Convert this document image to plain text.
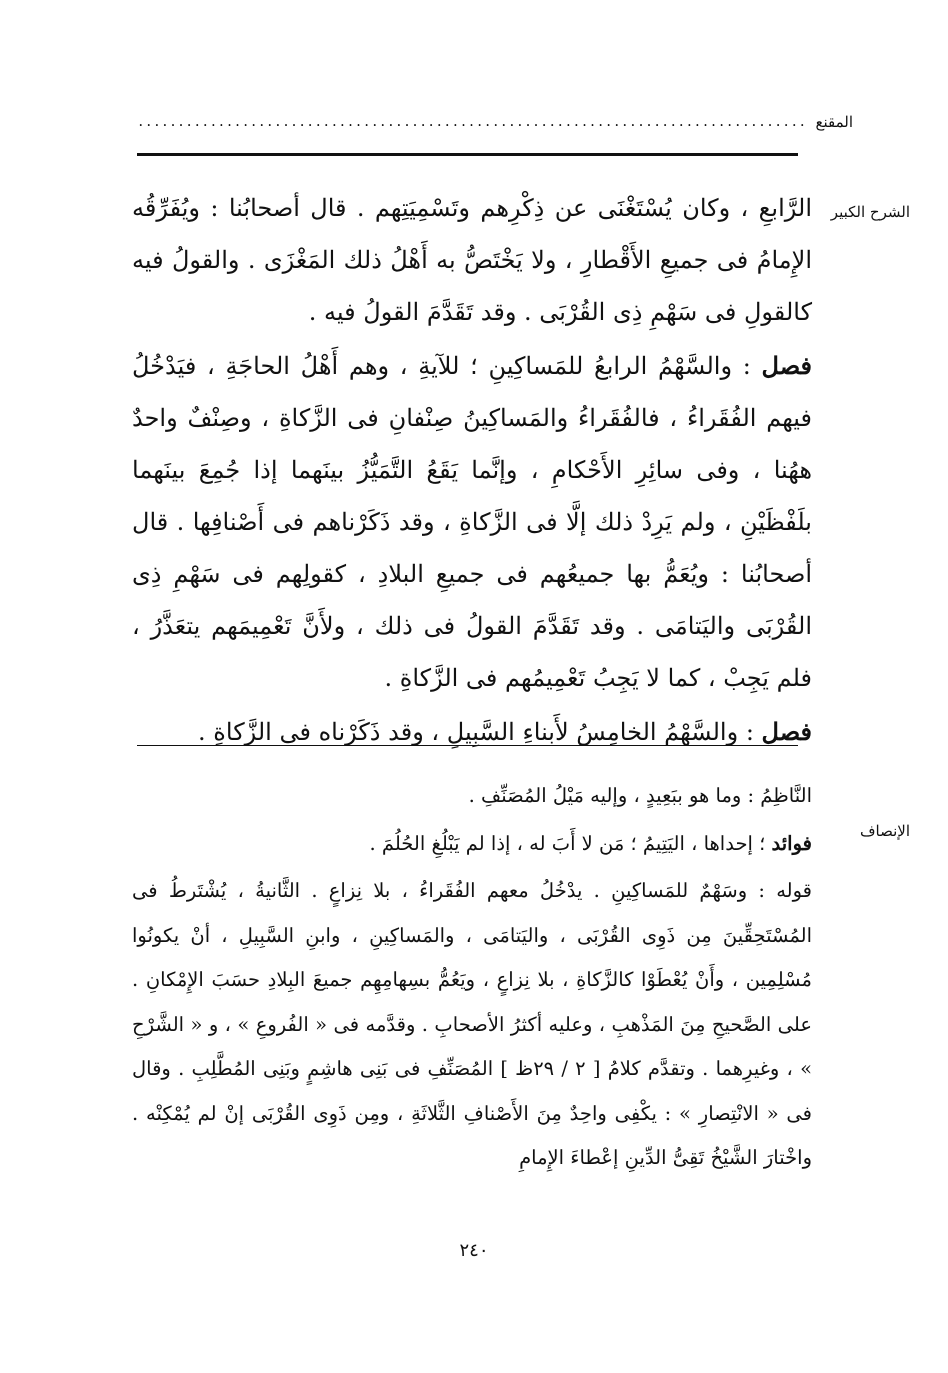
المقنع
...................................................................................
الشرح الكبير

الرَّابعِ ، وكان يُسْتَغْنَى عن ذِكْرِهم وتَسْمِيَتِهم . قال أصحابُنا : ويُفَرِّقُه الإِمامُ فى جميعِ الأَقْطارِ ، ولا يَخْتَصُّ به أَهْلُ ذلك المَغْزَى . والقولُ فيه كالقولِ فى سَهْمِ ذِى القُرْبَى . وقد تَقَدَّمَ القولُ فيه .

فصل : والسَّهْمُ الرابعُ للمَساكِينِ ؛ للآيةِ ، وهم أَهْلُ الحاجَةِ ، فيَدْخُلُ فيهم الفُقَراءُ ، فالفُقَراءُ والمَساكِينُ صِنْفانِ فى الزَّكاةِ ، وصِنْفٌ واحدٌ ههُنا ، وفى سائِرِ الأَحْكامِ ، وإنَّما يَقَعُ التَّمَيُّزُ بينَهما إذا جُمِعَ بينَهما بلَفْظَيْنِ ، ولم يَرِدْ ذلك إلَّا فى الزَّكاةِ ، وقد ذَكَرْناهم فى أَصْنافِها . قال أصحابُنا : ويُعَمُّ بها جميعُهم فى جميعِ البلادِ ، كقولِهم فى سَهْمِ ذِى القُرْبَى واليَتامَى . وقد تَقَدَّمَ القولُ فى ذلك ، ولأَنَّ تَعْمِيمَهم يتعَذَّرُ ، فلم يَجِبْ ، كما لا يَجِبُ تَعْمِيمُهم فى الزَّكاةِ .

فصل : والسَّهْمُ الخامِسُ لأَبناءِ السَّبِيلِ ، وقد ذَكَرْناه فى الزَّكاةِ .

الإنصاف

النَّاظِمُ : وما هو ببَعِيدٍ ، وإليه مَيْلُ المُصَنِّفِ .

فوائد ؛ إحداها ، اليَتِيمُ ؛ مَن لا أَبَ له ، إذا لم يَبْلُغِ الحُلُمَ .

قوله : وسَهْمٌ للمَساكِينِ . يدْخُلُ معهم الفُقَراءُ ، بلا نِزاعٍ . الثَّانيةُ ، يُشْتَرطُ فى المُسْتَحِقِّينَ مِن ذَوِى القُرْبَى ، واليَتامَى ، والمَساكِينِ ، وابنِ السَّبِيلِ ، أنْ يكونُوا مُسْلِمِين ، وأَنْ يُعْطَوْا كالزَّكاةِ ، بلا نِزاعٍ ، ويَعُمُّ بسِهامِهِم جميعَ البِلادِ حسَبَ الإِمْكانِ . على الصَّحيحِ مِنَ المَذْهبِ ، وعليه أكثرُ الأصحابِ . وقدَّمه فى « الفُروعِ » ، و « الشَّرْحِ » ، وغيرِهما . وتقدَّم كلامُ [ ٢ / ٢٩ظ ] المُصَنِّفِ فى بَنِى هاشِمٍ وبَنِى المُطَّلِبِ . وقال فى « الانْتِصارِ » : يكْفِى واحِدٌ مِنَ الأَصْنافِ الثَّلاثَةِ ، ومِن ذَوِى القُرْبَى إنْ لم يُمْكِنْه . واخْتارَ الشَّيْخُ تَقِىُّ الدِّينِ إعْطاءَ الإِمامِ

٢٤٠
